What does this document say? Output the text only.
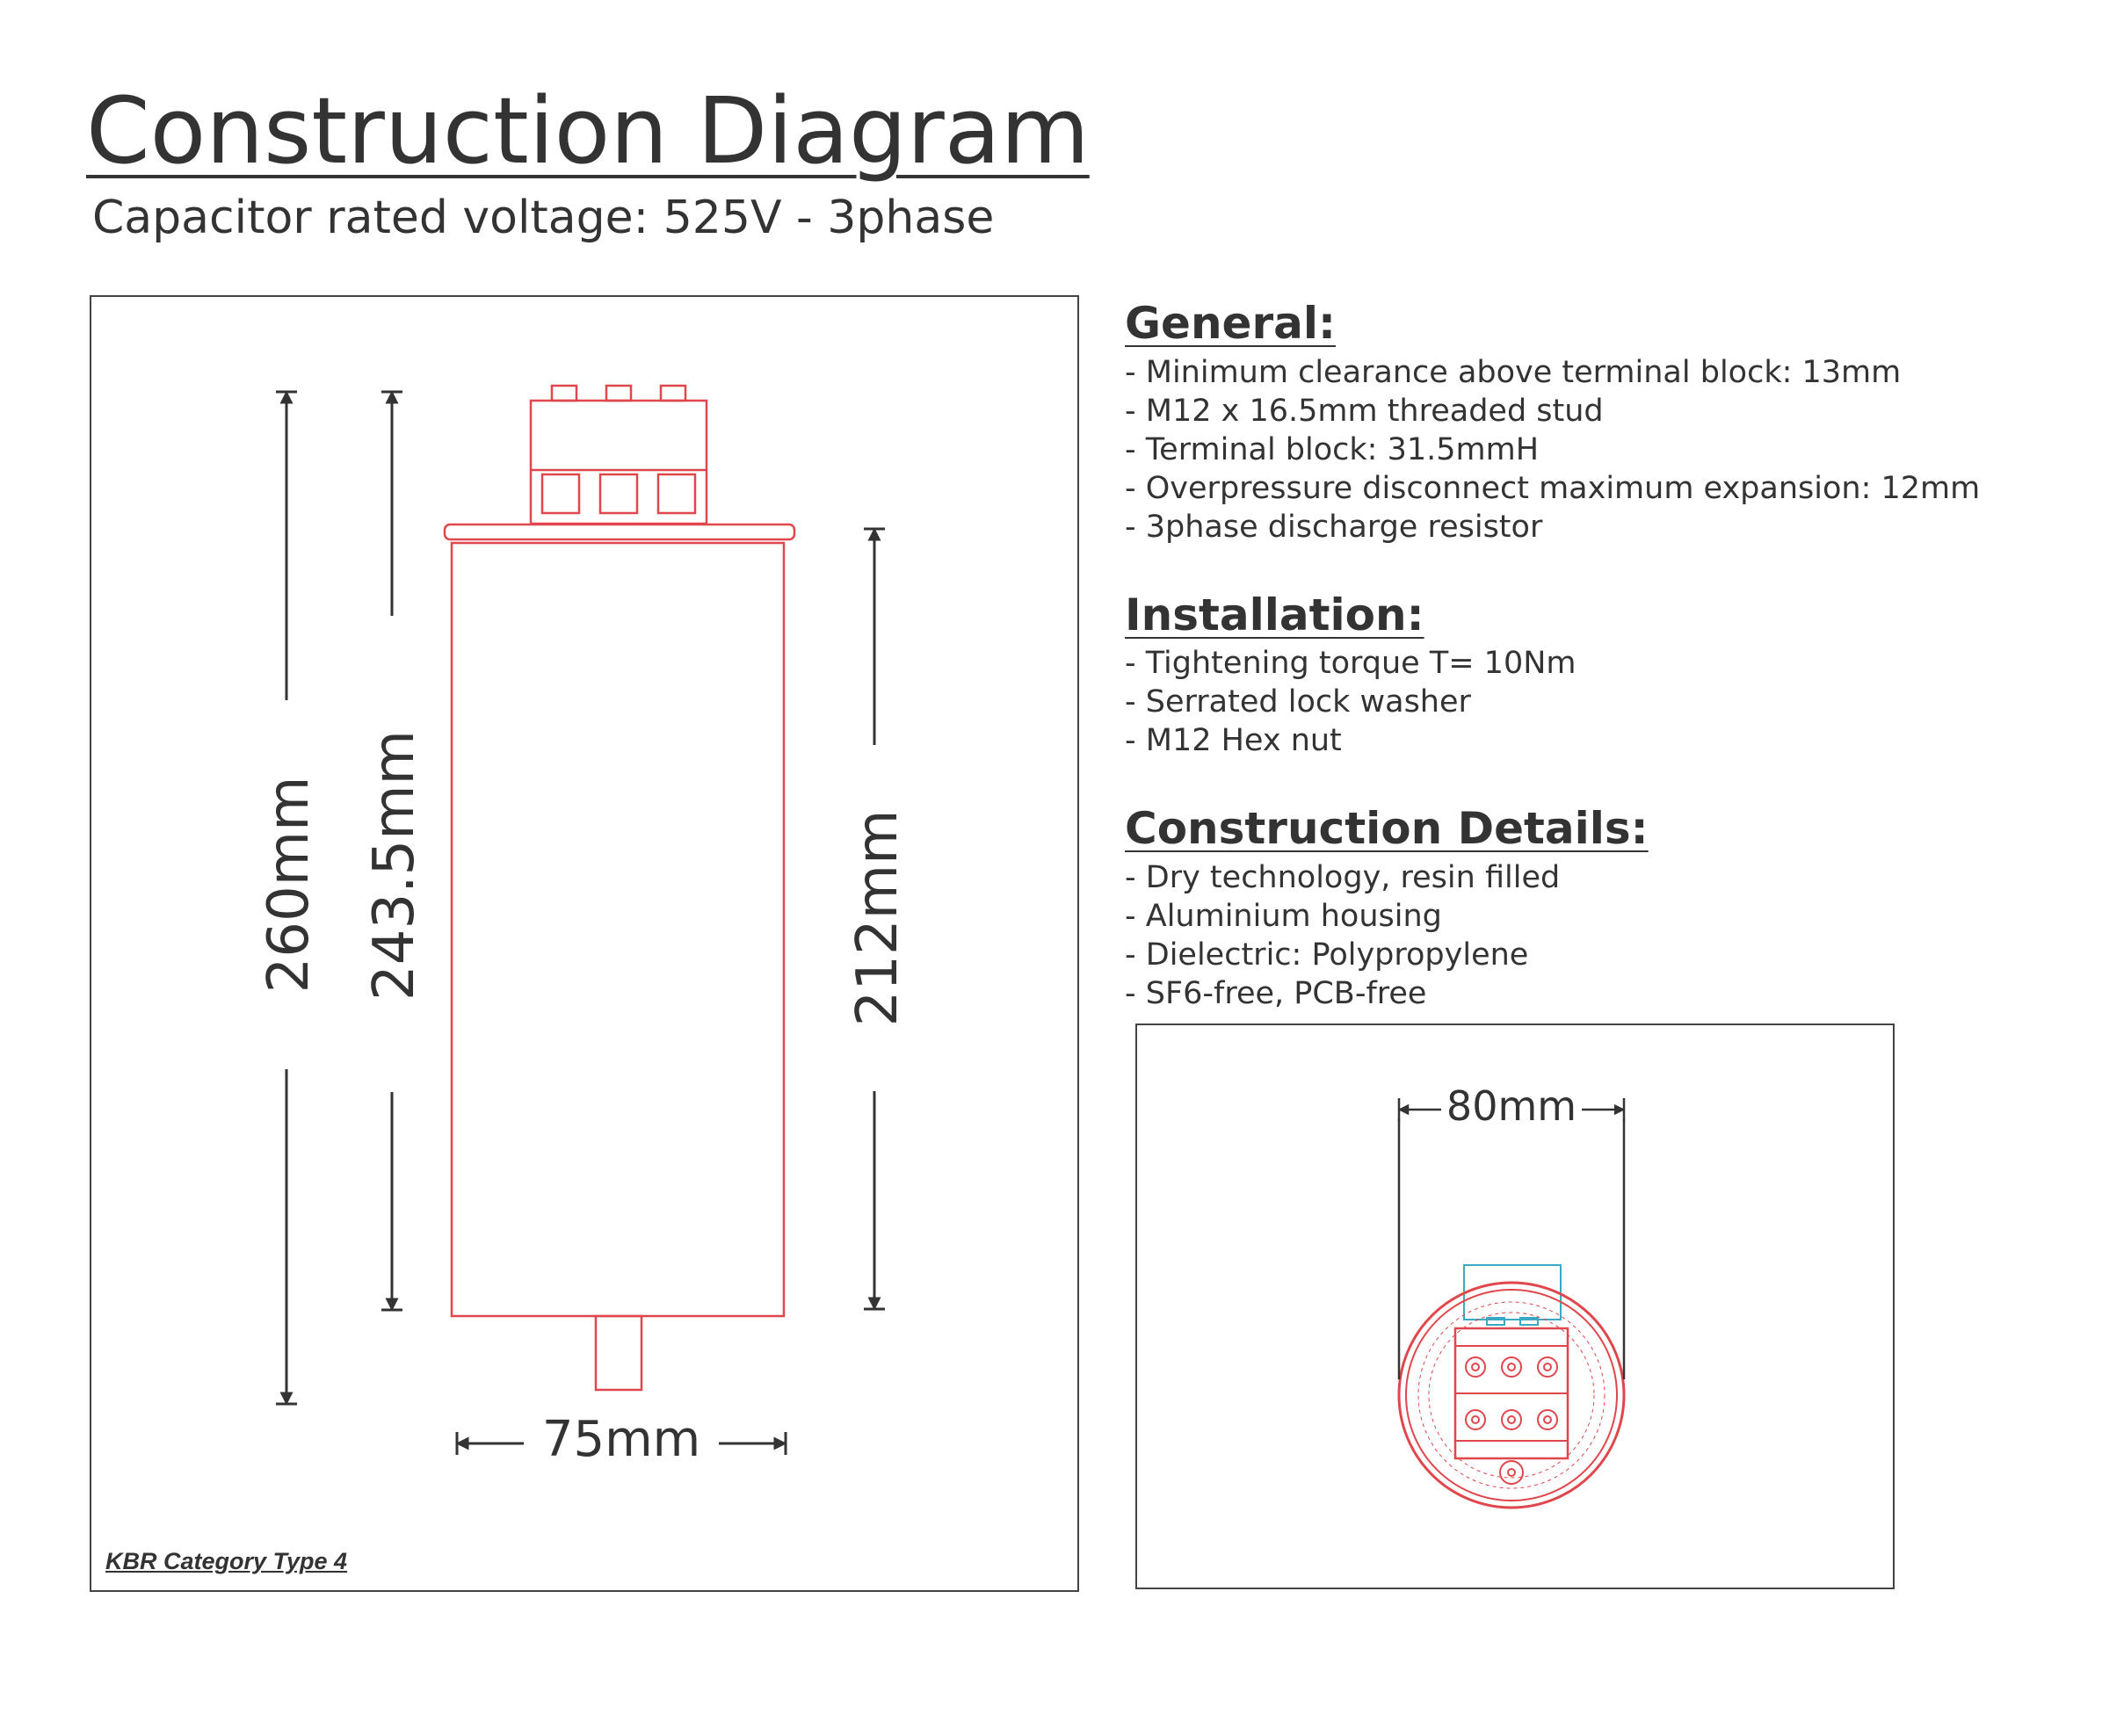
Construction Diagram
Capacitor rated voltage: 525V - 3phase
260mm 243.5mm	212mm
75mm
80mm
KBR Category Type 4
General:
- Minimum clearance above terminal block: 13mm
- M12 x 16.5mm threaded stud
- Terminal block: 31.5mmH
- Overpressure disconnect maximum expansion: 12mm
- 3phase discharge resistor
Installation:
- Tightening torque T= 10Nm
- Serrated lock washer
- M12 Hex nut
Construction Details:
- Dry technology, resin filled
- Aluminium housing
- Dielectric: Polypropylene
- SF6-free, PCB-free
